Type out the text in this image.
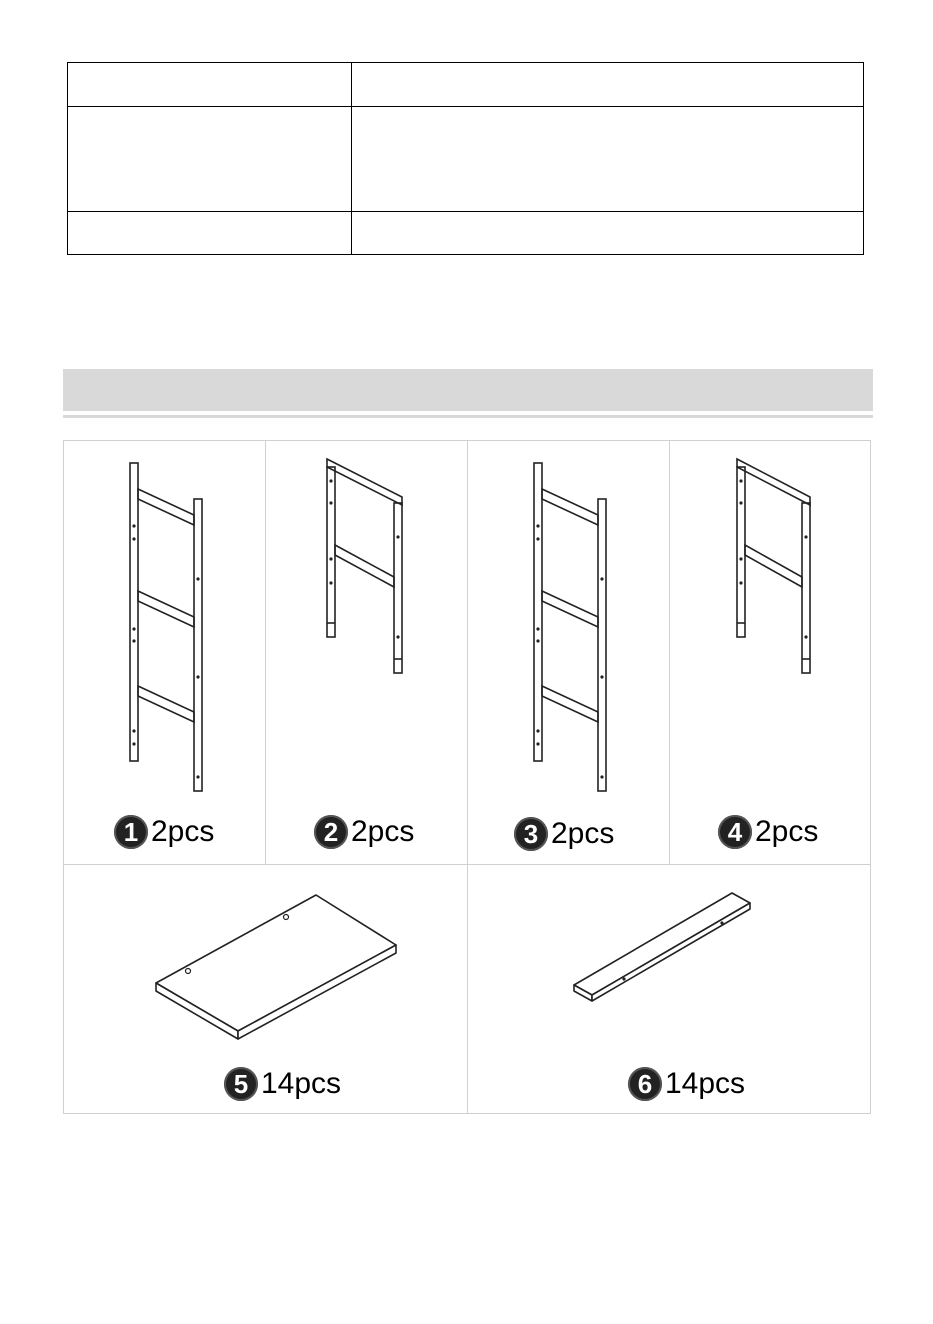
1 2pcs	2 2pcs	3 2pcs	4 2pcs
5 14pcs	6 14pcs
